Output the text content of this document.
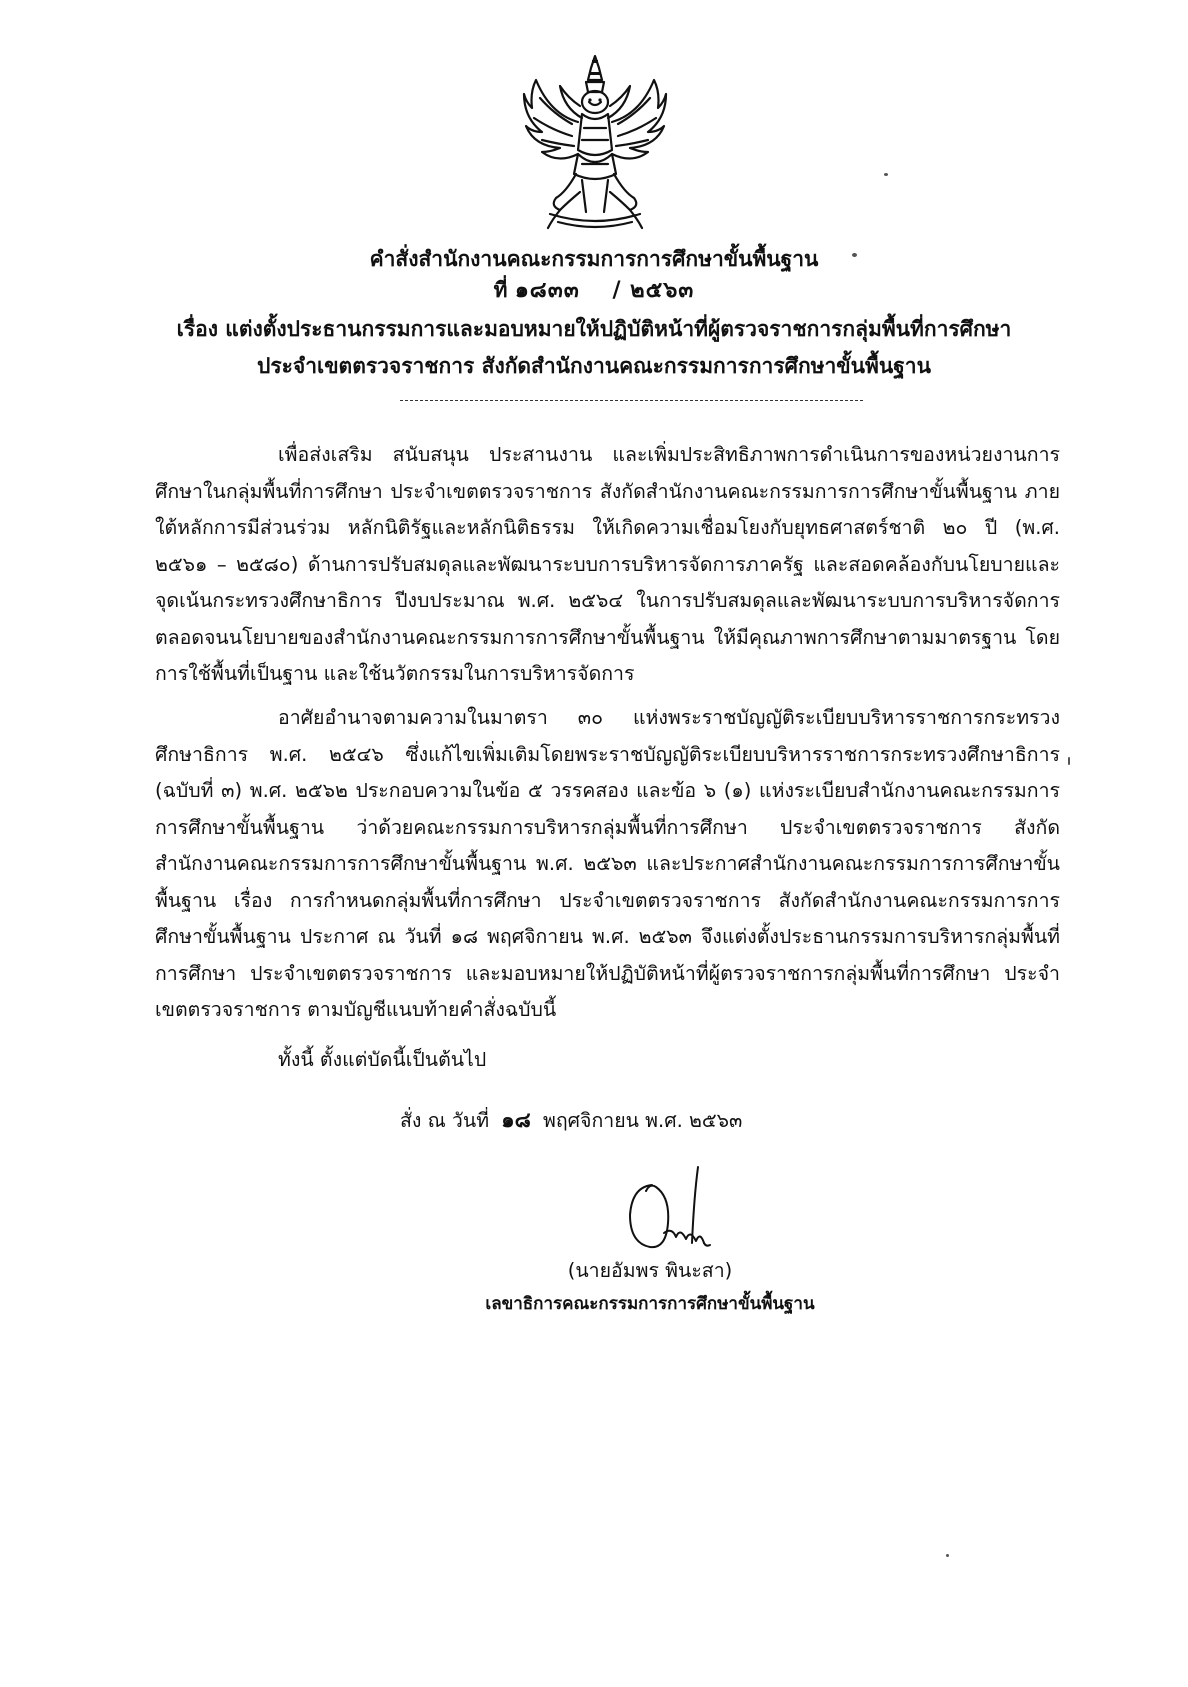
คำสั่งสำนักงานคณะกรรมการการศึกษาขั้นพื้นฐาน
ที่ ๑๘๓๓ / ๒๕๖๓
เรื่อง แต่งตั้งประธานกรรมการและมอบหมายให้ปฏิบัติหน้าที่ผู้ตรวจราชการกลุ่มพื้นที่การศึกษา
ประจำเขตตรวจราชการ สังกัดสำนักงานคณะกรรมการการศึกษาขั้นพื้นฐาน
เพื่อส่งเสริม สนับสนุน ประสานงาน และเพิ่มประสิทธิภาพการดำเนินการของหน่วยงานการศึกษาในกลุ่มพื้นที่การศึกษา ประจำเขตตรวจราชการ สังกัดสำนักงานคณะกรรมการการศึกษาขั้นพื้นฐาน ภายใต้หลักการมีส่วนร่วม หลักนิติรัฐและหลักนิติธรรม ให้เกิดความเชื่อมโยงกับยุทธศาสตร์ชาติ ๒๐ ปี (พ.ศ. ๒๕๖๑ – ๒๕๘๐) ด้านการปรับสมดุลและพัฒนาระบบการบริหารจัดการภาครัฐ และสอดคล้องกับนโยบายและจุดเน้นกระทรวงศึกษาธิการ ปีงบประมาณ พ.ศ. ๒๕๖๔ ในการปรับสมดุลและพัฒนาระบบการบริหารจัดการตลอดจนนโยบายของสำนักงานคณะกรรมการการศึกษาขั้นพื้นฐาน ให้มีคุณภาพการศึกษาตามมาตรฐาน โดยการใช้พื้นที่เป็นฐาน และใช้นวัตกรรมในการบริหารจัดการ
อาศัยอำนาจตามความในมาตรา ๓๐ แห่งพระราชบัญญัติระเบียบบริหารราชการกระทรวงศึกษาธิการ พ.ศ. ๒๕๔๖ ซึ่งแก้ไขเพิ่มเติมโดยพระราชบัญญัติระเบียบบริหารราชการกระทรวงศึกษาธิการ (ฉบับที่ ๓) พ.ศ. ๒๕๖๒ ประกอบความในข้อ ๕ วรรคสอง และข้อ ๖ (๑) แห่งระเบียบสำนักงานคณะกรรมการการศึกษาขั้นพื้นฐาน ว่าด้วยคณะกรรมการบริหารกลุ่มพื้นที่การศึกษา ประจำเขตตรวจราชการ สังกัดสำนักงานคณะกรรมการการศึกษาขั้นพื้นฐาน พ.ศ. ๒๕๖๓ และประกาศสำนักงานคณะกรรมการการศึกษาขั้นพื้นฐาน เรื่อง การกำหนดกลุ่มพื้นที่การศึกษา ประจำเขตตรวจราชการ สังกัดสำนักงานคณะกรรมการการศึกษาขั้นพื้นฐาน ประกาศ ณ วันที่ ๑๘ พฤศจิกายน พ.ศ. ๒๕๖๓ จึงแต่งตั้งประธานกรรมการบริหารกลุ่มพื้นที่การศึกษา ประจำเขตตรวจราชการ และมอบหมายให้ปฏิบัติหน้าที่ผู้ตรวจราชการกลุ่มพื้นที่การศึกษา ประจำเขตตรวจราชการ ตามบัญชีแนบท้ายคำสั่งฉบับนี้
ทั้งนี้ ตั้งแต่บัดนี้เป็นต้นไป
สั่ง ณ วันที่ ๑๘ พฤศจิกายน พ.ศ. ๒๕๖๓
(นายอัมพร พินะสา)
เลขาธิการคณะกรรมการการศึกษาขั้นพื้นฐาน
